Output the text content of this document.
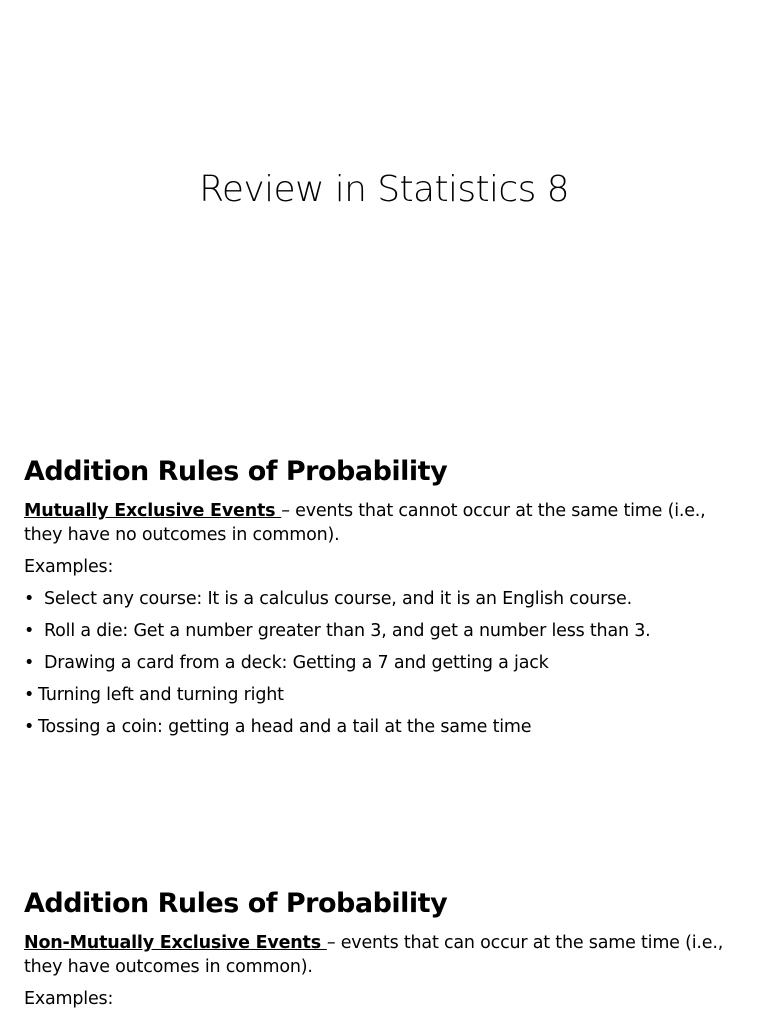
Review in Statistics 8
Addition Rules of Probability

Mutually Exclusive Events – events that cannot occur at the same time (i.e., they have no outcomes in common).

Examples:

• Select any course: It is a calculus course, and it is an English course.
• Roll a die: Get a number greater than 3, and get a number less than 3.
• Drawing a card from a deck: Getting a 7 and getting a jack
• Turning left and turning right
• Tossing a coin: getting a head and a tail at the same time
Addition Rules of Probability

Non-Mutually Exclusive Events – events that can occur at the same time (i.e., they have outcomes in common).

Examples:
